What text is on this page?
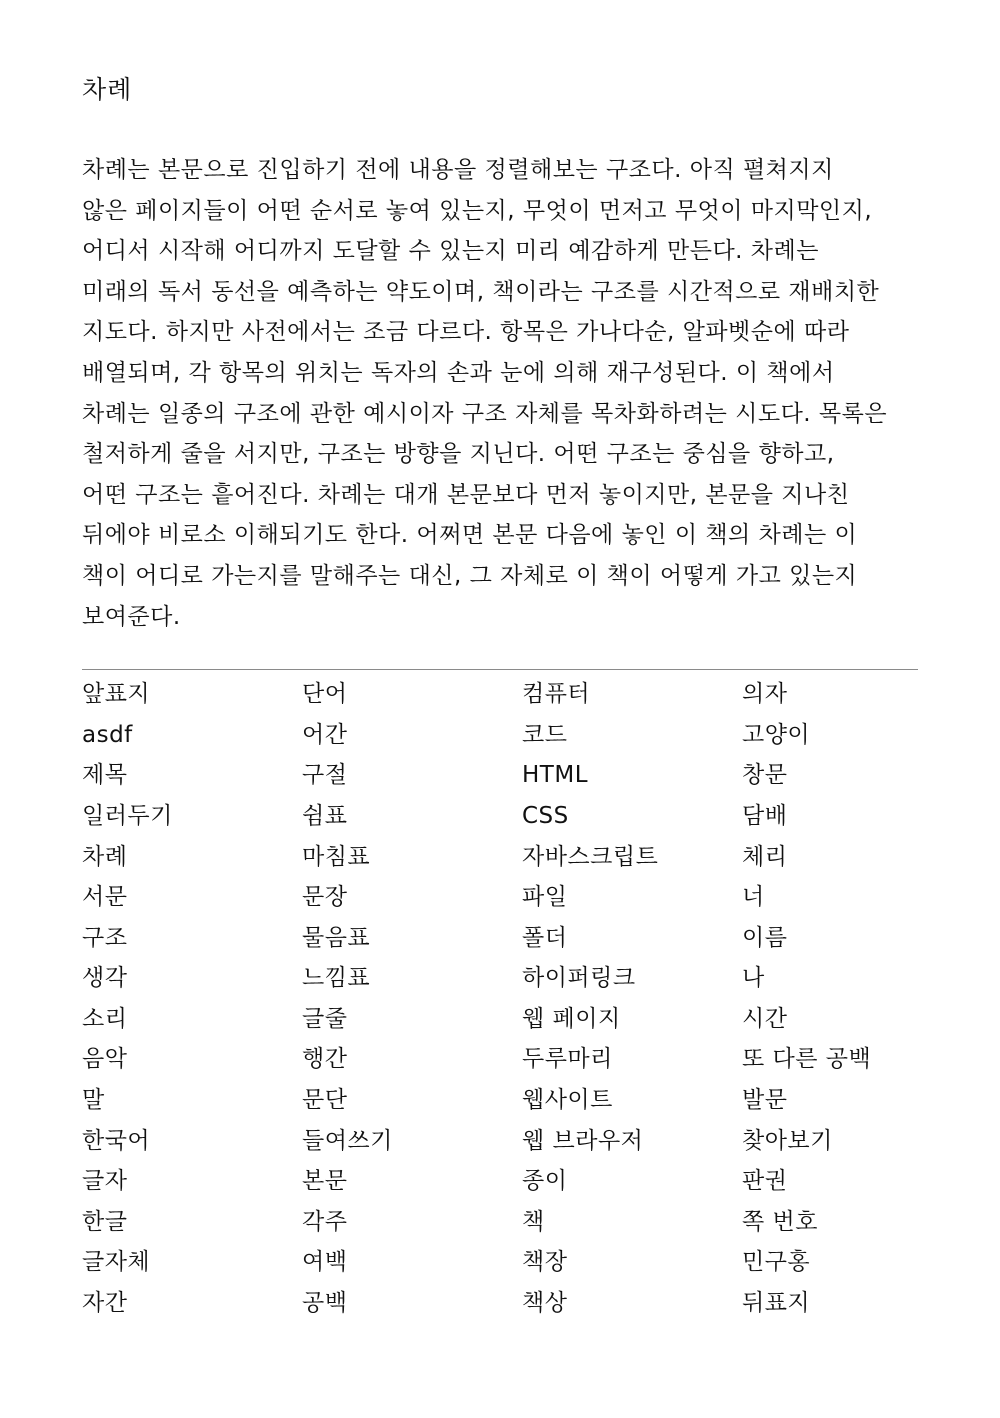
차례

차례는 본문으로 진입하기 전에 내용을 정렬해보는 구조다. 아직 펼쳐지지
않은 페이지들이 어떤 순서로 놓여 있는지, 무엇이 먼저고 무엇이 마지막인지,
어디서 시작해 어디까지 도달할 수 있는지 미리 예감하게 만든다. 차례는
미래의 독서 동선을 예측하는 약도이며, 책이라는 구조를 시간적으로 재배치한
지도다. 하지만 사전에서는 조금 다르다. 항목은 가나다순, 알파벳순에 따라
배열되며, 각 항목의 위치는 독자의 손과 눈에 의해 재구성된다. 이 책에서
차례는 일종의 구조에 관한 예시이자 구조 자체를 목차화하려는 시도다. 목록은
철저하게 줄을 서지만, 구조는 방향을 지닌다. 어떤 구조는 중심을 향하고,
어떤 구조는 흩어진다. 차례는 대개 본문보다 먼저 놓이지만, 본문을 지나친
뒤에야 비로소 이해되기도 한다. 어쩌면 본문 다음에 놓인 이 책의 차례는 이
책이 어디로 가는지를 말해주는 대신, 그 자체로 이 책이 어떻게 가고 있는지
보여준다.

앞표지	단어	컴퓨터	의자
asdf	어간	코드	고양이
제목	구절	HTML	창문
일러두기	쉼표	CSS	담배
차례	마침표	자바스크립트	체리
서문	문장	파일	너
구조	물음표	폴더	이름
생각	느낌표	하이퍼링크	나
소리	글줄	웹 페이지	시간
음악	행간	두루마리	또 다른 공백
말	문단	웹사이트	발문
한국어	들여쓰기	웹 브라우저	찾아보기
글자	본문	종이	판권
한글	각주	책	쪽 번호
글자체	여백	책장	민구홍
자간	공백	책상	뒤표지
